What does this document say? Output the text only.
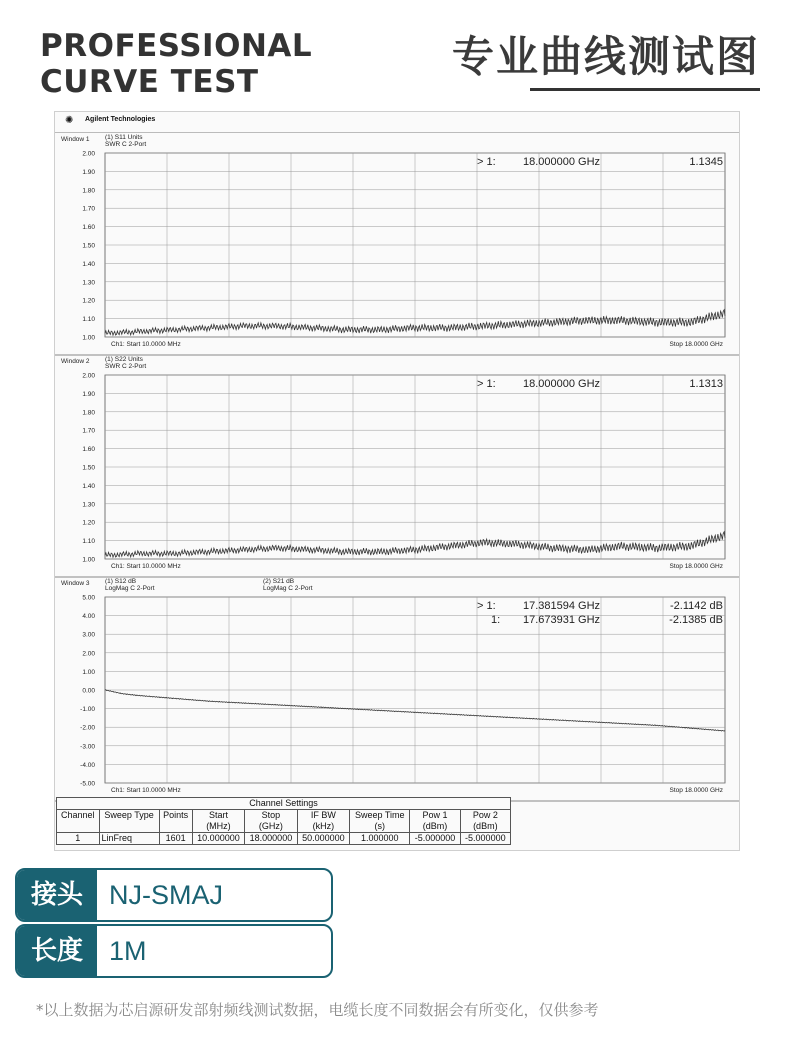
PROFESSIONAL
CURVE TEST
专业曲线测试图
✺ Agilent Technologies
Window 1 (1) S11 Units
SWR C 2-Port
2.00
1.90
1.80
1.70
1.60
1.50
1.40
1.30
1.20
1.10
1.00
> 1: 18.000000 GHz	1.1345
Ch1: Start 10.0000 MHz	Stop 18.0000 GHz
Window 2 (1) S22 Units
SWR C 2-Port
2.00
1.90
1.80
1.70
1.60
1.50
1.40
1.30
1.20
1.10
1.00
> 1: 18.000000 GHz	1.1313
Ch1: Start 10.0000 MHz	Stop 18.0000 GHz
Window 3 (1) S12 dB
LogMag C 2-Port
(2) S21 dB
LogMag C 2-Port
5.00
4.00
3.00
2.00
1.00
0.00
-1.00
-2.00
-3.00
-4.00
-5.00
> 1: 17.381594 GHz	-2.1142 dB
1: 17.673931 GHz	-2.1385 dB
Ch1: Start 10.0000 MHz	Stop 18.0000 GHz
Channel Settings								
Channel	Sweep Type	Points	Start	Stop	IF BW	Sweep Time	Pow 1	Pow 2
			(MHz)	(GHz)	(kHz)	(s)	(dBm)	(dBm)
1	LinFreq	1601	10.000000	18.000000	50.000000	1.000000	-5.000000	-5.000000
接头 NJ-SMAJ
长度 1M
*以上数据为芯启源研发部射频线测试数据，电缆长度不同数据会有所变化，仅供参考
